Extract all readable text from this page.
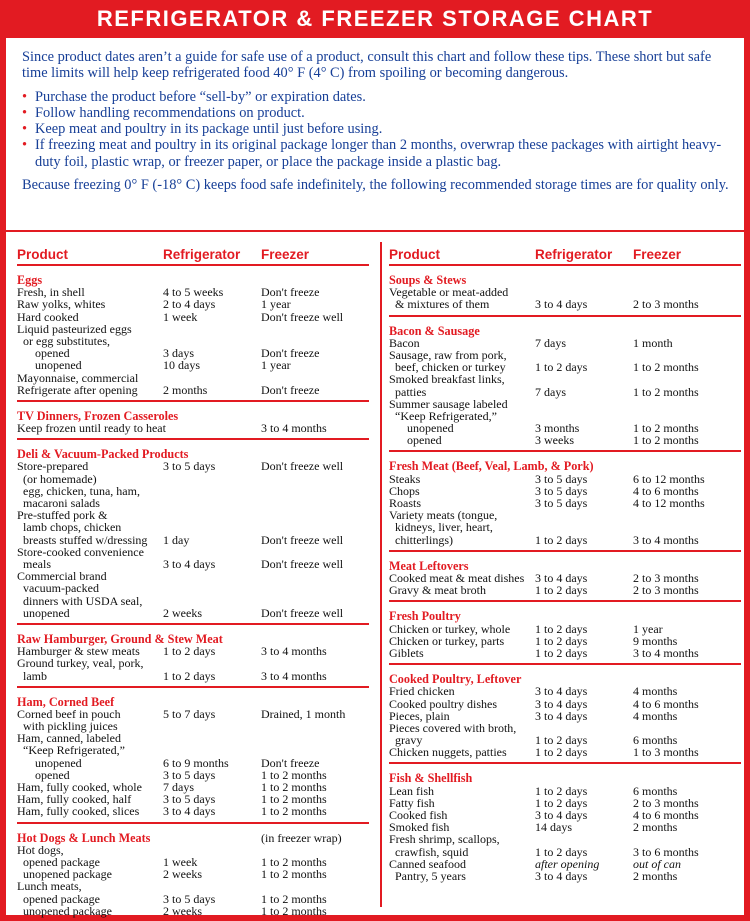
REFRIGERATOR & FREEZER STORAGE CHART

Since product dates aren’t a guide for safe use of a product, consult this chart and follow these tips. These short but safe time limits will help keep refrigerated food 40° F (4° C) from spoiling or becoming dangerous.

• Purchase the product before “sell-by” or expiration dates.
• Follow handling recommendations on product.
• Keep meat and poultry in its package until just before using.
• If freezing meat and poultry in its original package longer than 2 months, overwrap these packages with airtight heavy-duty foil, plastic wrap, or freezer paper, or place the package inside a plastic bag.

Because freezing 0° F (-18° C) keeps food safe indefinitely, the following recommended storage times are for quality only.

Product	Refrigerator Freezer
Eggs
Fresh, in shell	4 to 5 weeks	Don't freeze
Raw yolks, whites	2 to 4 days	1 year
Hard cooked	1 week	Don't freeze well
Liquid pasteurized eggs
or egg substitutes,
opened	3 days	Don't freeze
unopened	10 days	1 year
Mayonnaise, commercial
Refrigerate after opening 2 months	Don't freeze
TV Dinners, Frozen Casseroles
Keep frozen until ready to heat	3 to 4 months
Deli & Vacuum-Packed Products
Store-prepared	3 to 5 days	Don't freeze well
(or homemade)
egg, chicken, tuna, ham,
macaroni salads
Pre-stuffed pork &
lamb chops, chicken
breasts stuffed w/dressing 1 day	Don't freeze well
Store-cooked convenience
meals	3 to 4 days	Don't freeze well
Commercial brand
vacuum-packed
dinners with USDA seal,
unopened	2 weeks	Don't freeze well
Raw Hamburger, Ground & Stew Meat
Hamburger & stew meats 1 to 2 days	3 to 4 months
Ground turkey, veal, pork,
lamb	1 to 2 days	3 to 4 months
Ham, Corned Beef
Corned beef in pouch	5 to 7 days	Drained, 1 month
with pickling juices
Ham, canned, labeled
“Keep Refrigerated,”
unopened	6 to 9 months	Don't freeze
opened	3 to 5 days	1 to 2 months
Ham, fully cooked, whole 7 days	1 to 2 months
Ham, fully cooked, half	3 to 5 days	1 to 2 months
Ham, fully cooked, slices 3 to 4 days	1 to 2 months
Hot Dogs & Lunch Meats	(in freezer wrap)
Hot dogs,
opened package	1 week	1 to 2 months
unopened package	2 weeks	1 to 2 months
Lunch meats,
opened package	3 to 5 days	1 to 2 months
unopened package	2 weeks	1 to 2 months
Product	Refrigerator Freezer
Soups & Stews
Vegetable or meat-added
& mixtures of them	3 to 4 days	2 to 3 months
Bacon & Sausage
Bacon	7 days	1 month
Sausage, raw from pork,
beef, chicken or turkey 1 to 2 days	1 to 2 months
Smoked breakfast links,
patties	7 days	1 to 2 months
Summer sausage labeled
“Keep Refrigerated,”
unopened	3 months	1 to 2 months
opened	3 weeks	1 to 2 months
Fresh Meat (Beef, Veal, Lamb, & Pork)
Steaks	3 to 5 days	6 to 12 months
Chops	3 to 5 days	4 to 6 months
Roasts	3 to 5 days	4 to 12 months
Variety meats (tongue,
kidneys, liver, heart,
chitterlings)	1 to 2 days	3 to 4 months
Meat Leftovers
Cooked meat & meat dishes 3 to 4 days	2 to 3 months
Gravy & meat broth	1 to 2 days	2 to 3 months
Fresh Poultry
Chicken or turkey, whole 1 to 2 days	1 year
Chicken or turkey, parts	1 to 2 days	9 months
Giblets	1 to 2 days	3 to 4 months
Cooked Poultry, Leftover
Fried chicken	3 to 4 days	4 months
Cooked poultry dishes	3 to 4 days	4 to 6 months
Pieces, plain	3 to 4 days	4 months
Pieces covered with broth,
gravy	1 to 2 days	6 months
Chicken nuggets, patties 1 to 2 days	1 to 3 months
Fish & Shellfish
Lean fish	1 to 2 days	6 months
Fatty fish	1 to 2 days	2 to 3 months
Cooked fish	3 to 4 days	4 to 6 months
Smoked fish	14 days	2 months
Fresh shrimp, scallops,
crawfish, squid	1 to 2 days	3 to 6 months
Canned seafood	after opening	out of can
Pantry, 5 years	3 to 4 days	2 months
